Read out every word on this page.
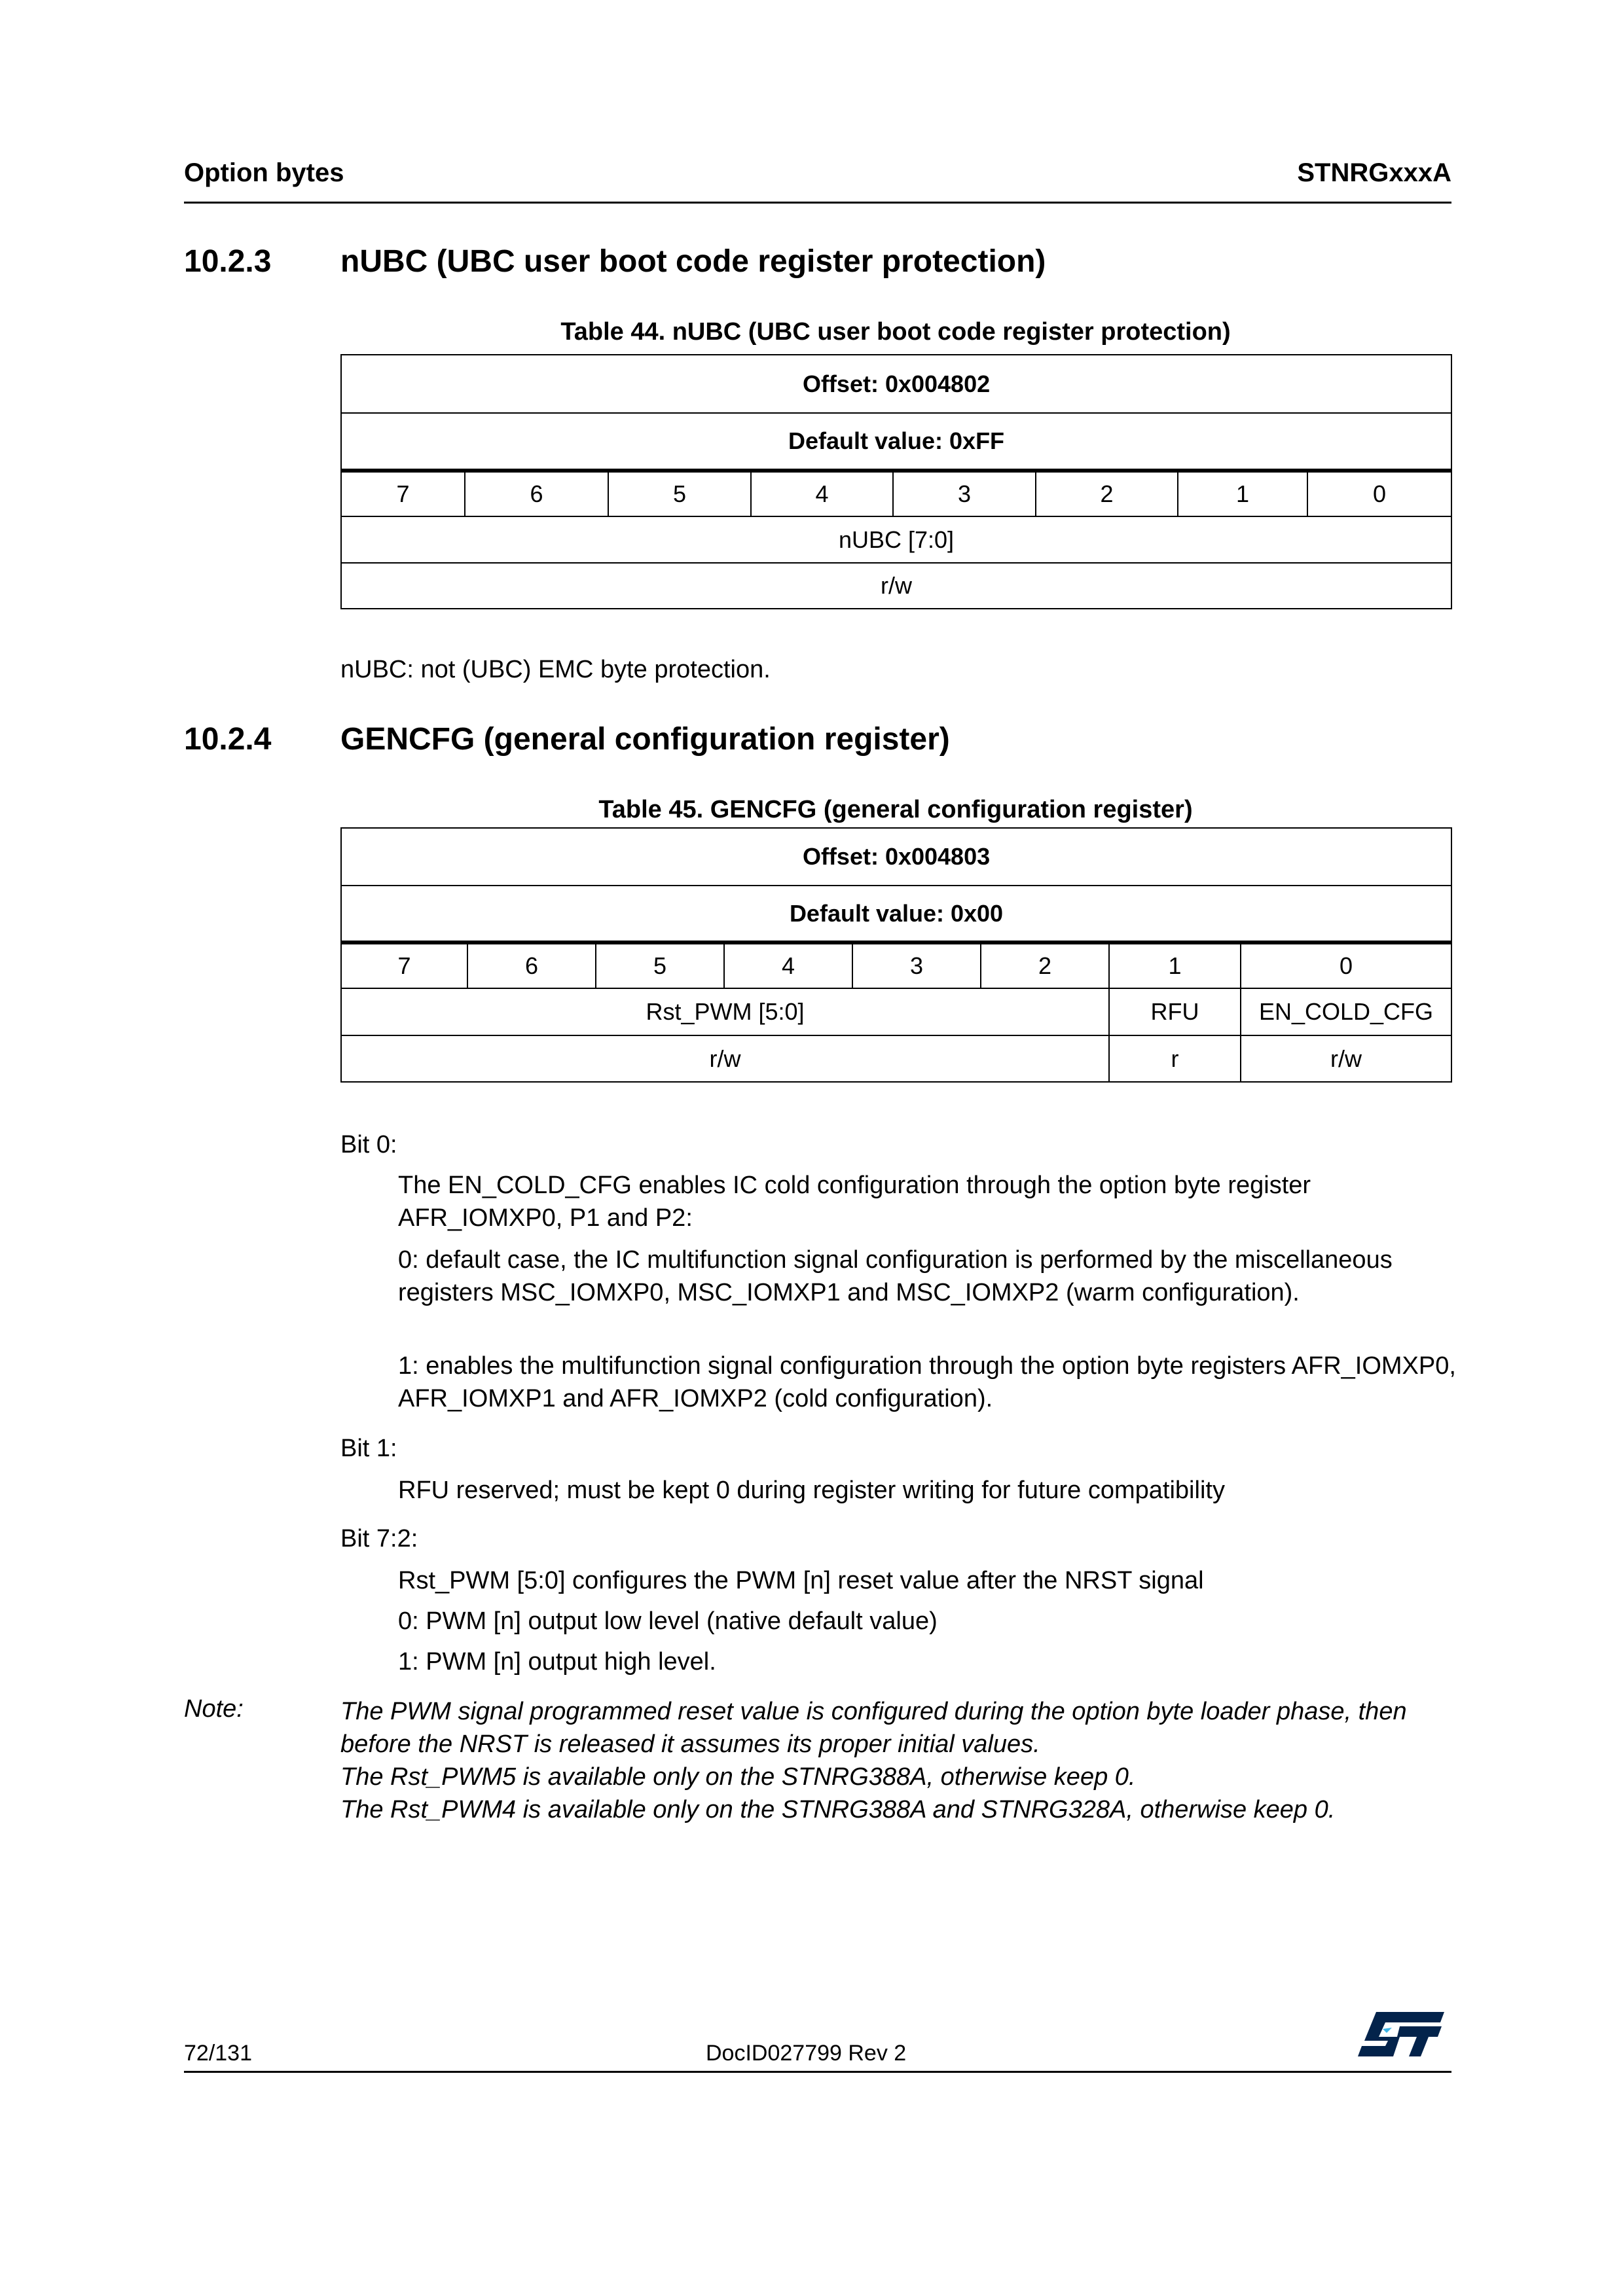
Option bytes	STNRGxxxA
10.2.3 nUBC (UBC user boot code register protection)
Table 44. nUBC (UBC user boot code register protection)
Offset: 0x004802
Default value: 0xFF
7	6	5	4	3	2	1	0
nUBC [7:0]
r/w
nUBC: not (UBC) EMC byte protection.
10.2.4 GENCFG (general configuration register)
Table 45. GENCFG (general configuration register)
Offset: 0x004803							
Default value: 0x00							
7	6	5	4	3	2	1	0
Rst_PWM [5:0]						RFU	EN_COLD_CFG
r/w						r	r/w
Bit 0:
The EN_COLD_CFG enables IC cold configuration through the option byte register AFR_IOMXP0, P1 and P2:
0: default case, the IC multifunction signal configuration is performed by the miscellaneous registers MSC_IOMXP0, MSC_IOMXP1 and MSC_IOMXP2 (warm configuration).
1: enables the multifunction signal configuration through the option byte registers AFR_IOMXP0, AFR_IOMXP1 and AFR_IOMXP2 (cold configuration).
Bit 1:
RFU reserved; must be kept 0 during register writing for future compatibility
Bit 7:2:
Rst_PWM [5:0] configures the PWM [n] reset value after the NRST signal
0: PWM [n] output low level (native default value)
1: PWM [n] output high level.
Note:	The PWM signal programmed reset value is configured during the option byte loader phase, then before the NRST is released it assumes its proper initial values.
The Rst_PWM5 is available only on the STNRG388A, otherwise keep 0.
The Rst_PWM4 is available only on the STNRG388A and STNRG328A, otherwise keep 0.
72/131	DocID027799 Rev 2
